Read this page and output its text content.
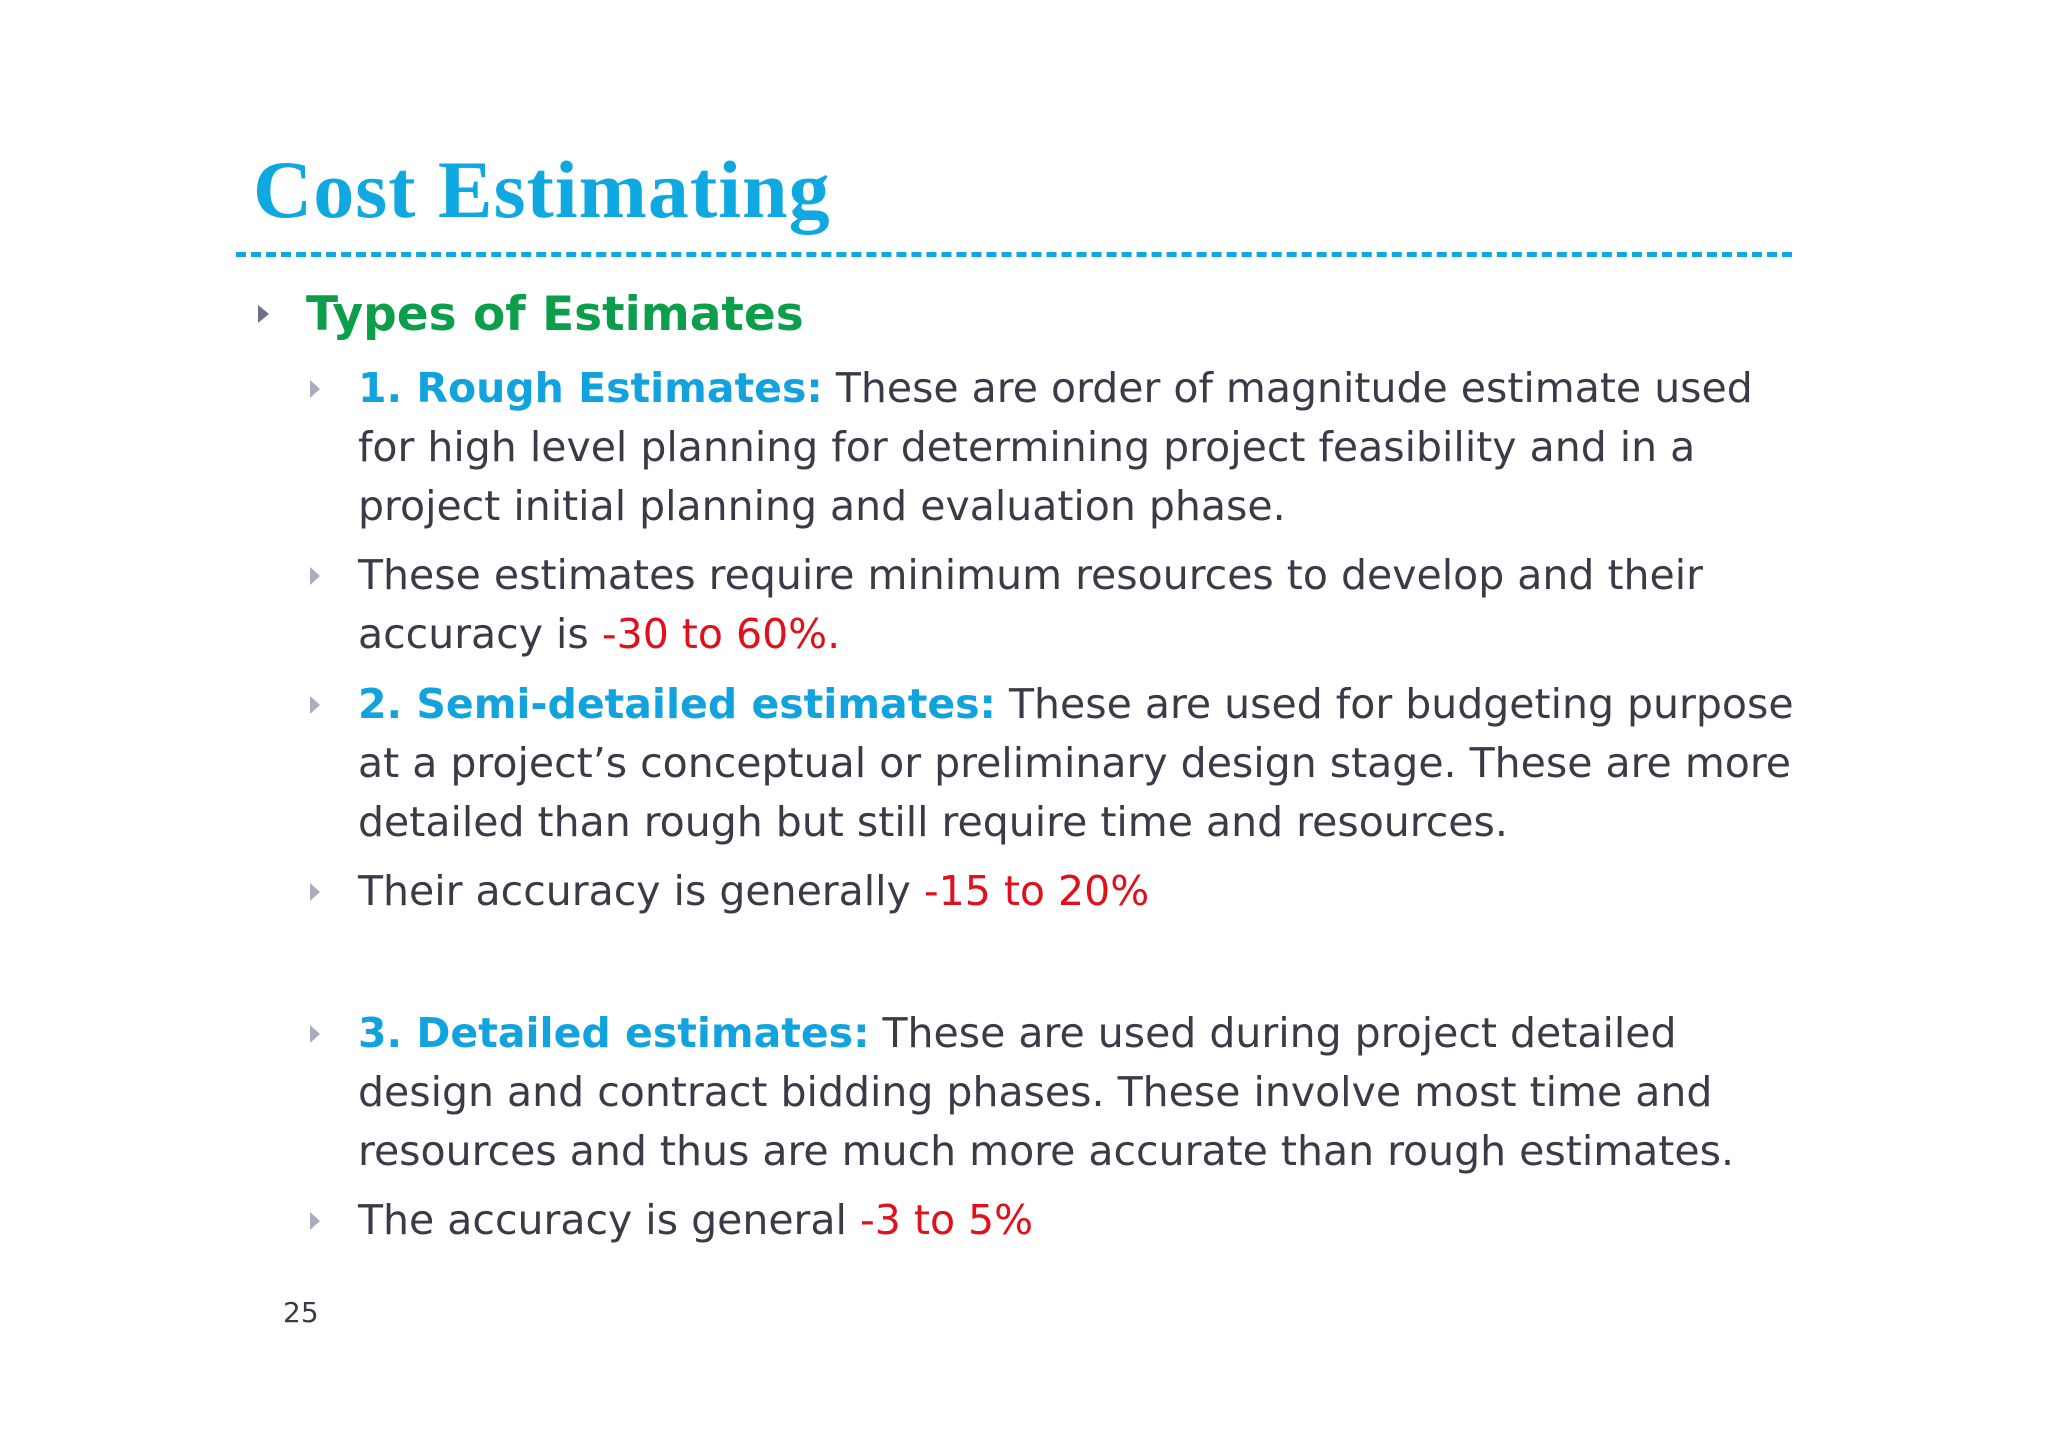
Cost Estimating
Types of Estimates

1. Rough Estimates: These are order of magnitude estimate used for high level planning for determining project feasibility and in a project initial planning and evaluation phase.

These estimates require minimum resources to develop and their accuracy is -30 to 60%.

2. Semi-detailed estimates: These are used for budgeting purpose at a project’s conceptual or preliminary design stage. These are more detailed than rough but still require time and resources.

Their accuracy is generally -15 to 20%

3. Detailed estimates: These are used during project detailed design and contract bidding phases. These involve most time and resources and thus are much more accurate than rough estimates.

The accuracy is general -3 to 5%

25
